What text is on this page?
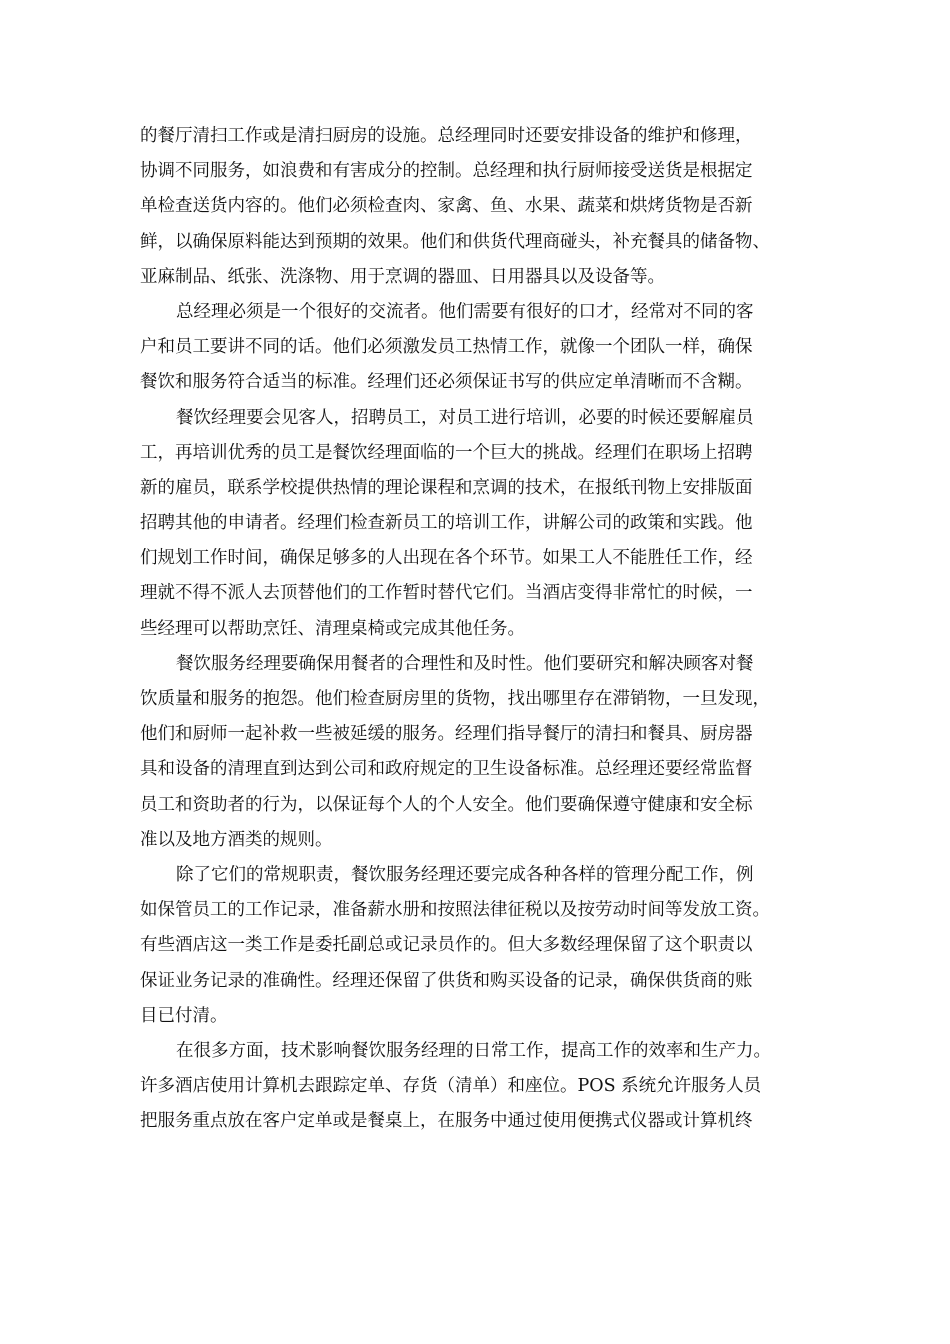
的餐厅清扫工作或是清扫厨房的设施。总经理同时还要安排设备的维护和修理，
协调不同服务，如浪费和有害成分的控制。总经理和执行厨师接受送货是根据定
单检查送货内容的。他们必须检查肉、家禽、鱼、水果、蔬菜和烘烤货物是否新
鲜，以确保原料能达到预期的效果。他们和供货代理商碰头，补充餐具的储备物、
亚麻制品、纸张、洗涤物、用于烹调的器皿、日用器具以及设备等。
总经理必须是一个很好的交流者。他们需要有很好的口才，经常对不同的客
户和员工要讲不同的话。他们必须激发员工热情工作，就像一个团队一样，确保
餐饮和服务符合适当的标准。经理们还必须保证书写的供应定单清晰而不含糊。
餐饮经理要会见客人，招聘员工，对员工进行培训，必要的时候还要解雇员
工，再培训优秀的员工是餐饮经理面临的一个巨大的挑战。经理们在职场上招聘
新的雇员，联系学校提供热情的理论课程和烹调的技术，在报纸刊物上安排版面
招聘其他的申请者。经理们检查新员工的培训工作，讲解公司的政策和实践。他
们规划工作时间，确保足够多的人出现在各个环节。如果工人不能胜任工作，经
理就不得不派人去顶替他们的工作暂时替代它们。当酒店变得非常忙的时候，一
些经理可以帮助烹饪、清理桌椅或完成其他任务。
餐饮服务经理要确保用餐者的合理性和及时性。他们要研究和解决顾客对餐
饮质量和服务的抱怨。他们检查厨房里的货物，找出哪里存在滞销物，一旦发现，
他们和厨师一起补救一些被延缓的服务。经理们指导餐厅的清扫和餐具、厨房器
具和设备的清理直到达到公司和政府规定的卫生设备标准。总经理还要经常监督
员工和资助者的行为，以保证每个人的个人安全。他们要确保遵守健康和安全标
准以及地方酒类的规则。
除了它们的常规职责，餐饮服务经理还要完成各种各样的管理分配工作，例
如保管员工的工作记录，准备薪水册和按照法律征税以及按劳动时间等发放工资。
有些酒店这一类工作是委托副总或记录员作的。但大多数经理保留了这个职责以
保证业务记录的准确性。经理还保留了供货和购买设备的记录，确保供货商的账
目已付清。
在很多方面，技术影响餐饮服务经理的日常工作，提高工作的效率和生产力。
许多酒店使用计算机去跟踪定单、存货（清单）和座位。POS 系统允许服务人员
把服务重点放在客户定单或是餐桌上，在服务中通过使用便携式仪器或计算机终
